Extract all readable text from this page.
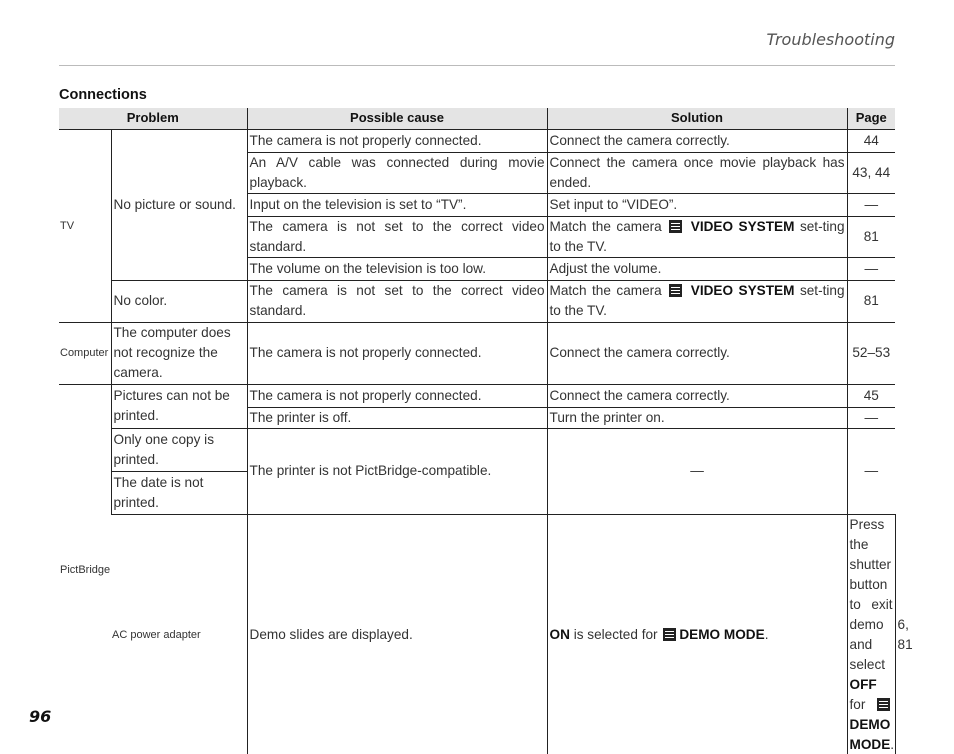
Troubleshooting
Connections
Problem		Possible cause	Solution	Page	
TV	No picture or sound.	The camera is not properly connected.	Connect the camera correctly.	44	
		An A/V cable was connected during movie playback.	Connect the camera once movie playback has ended.	43, 44	
		Input on the television is set to “TV”.	Set input to “VIDEO”.	—	
		The camera is not set to the correct video standard.	Match the camera VIDEO SYSTEM set-ting to the TV.	81	
		The volume on the television is too low.	Adjust the volume.	—	
	No color.	The camera is not set to the correct video standard.	Match the camera VIDEO SYSTEM set-ting to the TV.	81	
Computer	The computer does not recognize the camera.	The camera is not properly connected.	Connect the camera correctly.	52–53	
PictBridge	Pictures can not be printed.	The camera is not properly connected.	Connect the camera correctly.	45	
		The printer is off.	Turn the printer on.	—	
	Only one copy is printed.	The printer is not PictBridge-compatible.	—	—	
	The date is not printed.				
	AC power adapter	Demo slides are displayed.	ON is selected for DEMO MODE.	Press the shutter button to exit demo and select OFF for DEMO MODE.	6, 81
96
